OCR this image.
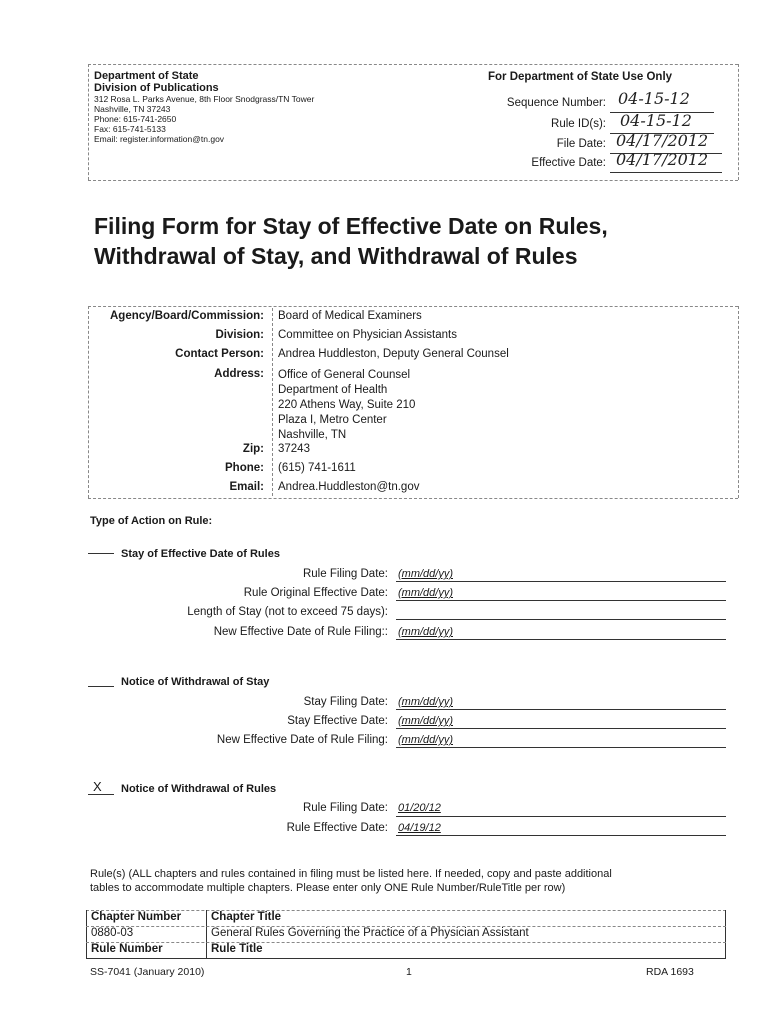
Department of State
Division of Publications
312 Rosa L. Parks Avenue, 8th Floor Snodgrass/TN Tower
Nashville, TN 37243
Phone: 615-741-2650
Fax: 615-741-5133
Email: register.information@tn.gov
For Department of State Use Only
Sequence Number: 04-15-12
Rule ID(s): 04-15-12
File Date: 04/17/2012
Effective Date: 04/17/2012
Filing Form for Stay of Effective Date on Rules,
Withdrawal of Stay, and Withdrawal of Rules
Agency/Board/Commission: Board of Medical Examiners
Division: Committee on Physician Assistants
Contact Person: Andrea Huddleston, Deputy General Counsel
Address: Office of General Counsel
Department of Health
220 Athens Way, Suite 210
Plaza I, Metro Center
Nashville, TN
Zip: 37243
Phone: (615) 741-1611
Email: Andrea.Huddleston@tn.gov
Type of Action on Rule:
Stay of Effective Date of Rules
Rule Filing Date: (mm/dd/yy)
Rule Original Effective Date: (mm/dd/yy)
Length of Stay (not to exceed 75 days):
New Effective Date of Rule Filing:: (mm/dd/yy)
Notice of Withdrawal of Stay
Stay Filing Date: (mm/dd/yy)
Stay Effective Date: (mm/dd/yy)
New Effective Date of Rule Filing: (mm/dd/yy)
X Notice of Withdrawal of Rules
Rule Filing Date: 01/20/12
Rule Effective Date: 04/19/12
Rule(s) (ALL chapters and rules contained in filing must be listed here. If needed, copy and paste additional
tables to accommodate multiple chapters. Please enter only ONE Rule Number/RuleTitle per row)
Chapter Number	Chapter Title
0880-03	General Rules Governing the Practice of a Physician Assistant
Rule Number	Rule Title
SS-7041 (January 2010)	1	RDA 1693
